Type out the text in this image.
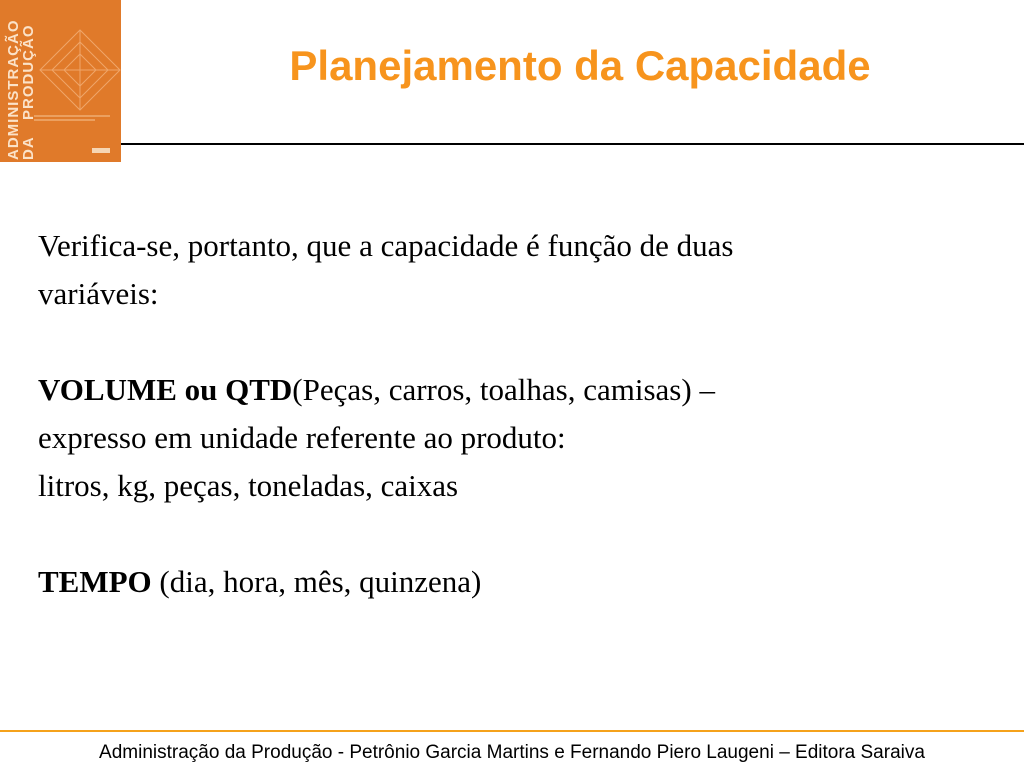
ADMINISTRAÇÃO
DA
PRODUÇÃO	Planejamento da Capacidade

Verifica-se, portanto, que a capacidade é função de duas

variáveis:

VOLUME ou QTD(Peças, carros, toalhas, camisas) –

expresso em unidade referente ao produto:

litros, kg, peças, toneladas, caixas

TEMPO (dia, hora, mês, quinzena)

Administração da Produção - Petrônio Garcia Martins e Fernando Piero Laugeni – Editora Saraiva
